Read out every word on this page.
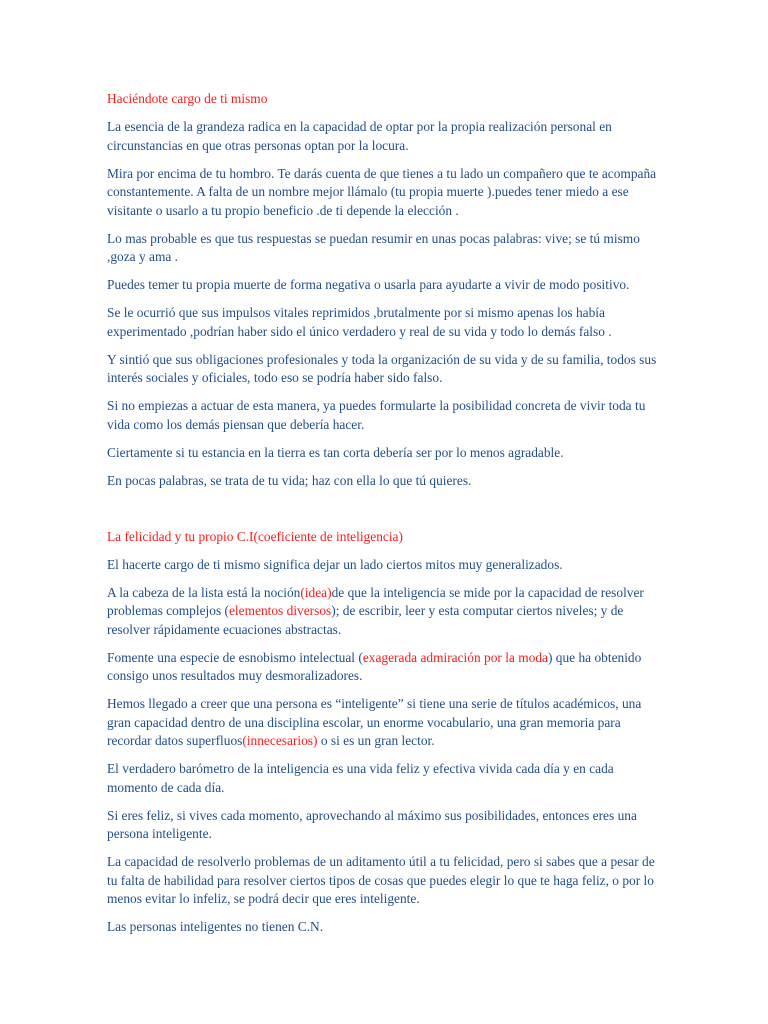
Haciéndote cargo de ti mismo
La esencia de la grandeza radica en la capacidad de optar por la propia realización personal en circunstancias en que otras personas optan por la locura.
Mira por encima de tu hombro. Te darás cuenta de que tienes a tu lado un compañero que te acompaña constantemente. A falta de un nombre mejor llámalo (tu propia muerte ).puedes tener miedo a ese visitante o usarlo a tu propio beneficio .de ti depende la elección .
Lo mas probable es que tus respuestas se puedan resumir en unas pocas palabras: vive; se tú mismo ,goza y ama .
Puedes temer tu propia muerte de forma negativa o usarla para ayudarte a vivir de modo positivo.
Se le ocurrió que sus impulsos vitales reprimidos ,brutalmente por si mismo apenas los había experimentado ,podrían haber sido el único verdadero y real de su vida y todo lo demás falso .
Y sintió que sus obligaciones profesionales y toda la organización de su vida y de su familia, todos sus interés sociales y oficiales, todo eso se podría haber sido falso.
Si no empiezas a actuar de esta manera, ya puedes formularte la posibilidad concreta de vivir toda tu vida como los demás piensan que debería hacer.
Ciertamente si tu estancia en la tierra es tan corta debería ser por lo menos agradable.
En pocas palabras, se trata de tu vida; haz con ella lo que tú quieres.
La felicidad y tu propio C.I(coeficiente de inteligencia)
El hacerte cargo de ti mismo significa dejar un lado ciertos mitos muy generalizados.
A la cabeza de la lista está la noción(idea)de que la inteligencia se mide por la capacidad de resolver problemas complejos (elementos diversos); de escribir, leer y esta computar ciertos niveles; y de resolver rápidamente ecuaciones abstractas.
Fomente una especie de esnobismo intelectual (exagerada admiración por la moda) que ha obtenido consigo unos resultados muy desmoralizadores.
Hemos llegado a creer que una persona es “inteligente” si tiene una serie de títulos académicos, una gran capacidad dentro de una disciplina escolar, un enorme vocabulario, una gran memoria para recordar datos superfluos(innecesarios) o si es un gran lector.
El verdadero barómetro de la inteligencia es una vida feliz y efectiva vivida cada día y en cada momento de cada día.
Si eres feliz, si vives cada momento, aprovechando al máximo sus posibilidades, entonces eres una persona inteligente.
La capacidad de resolverlo problemas de un aditamento útil a tu felicidad, pero si sabes que a pesar de tu falta de habilidad para resolver ciertos tipos de cosas que puedes elegir lo que te haga feliz, o por lo menos evitar lo infeliz, se podrá decir que eres inteligente.
Las personas inteligentes no tienen C.N.
